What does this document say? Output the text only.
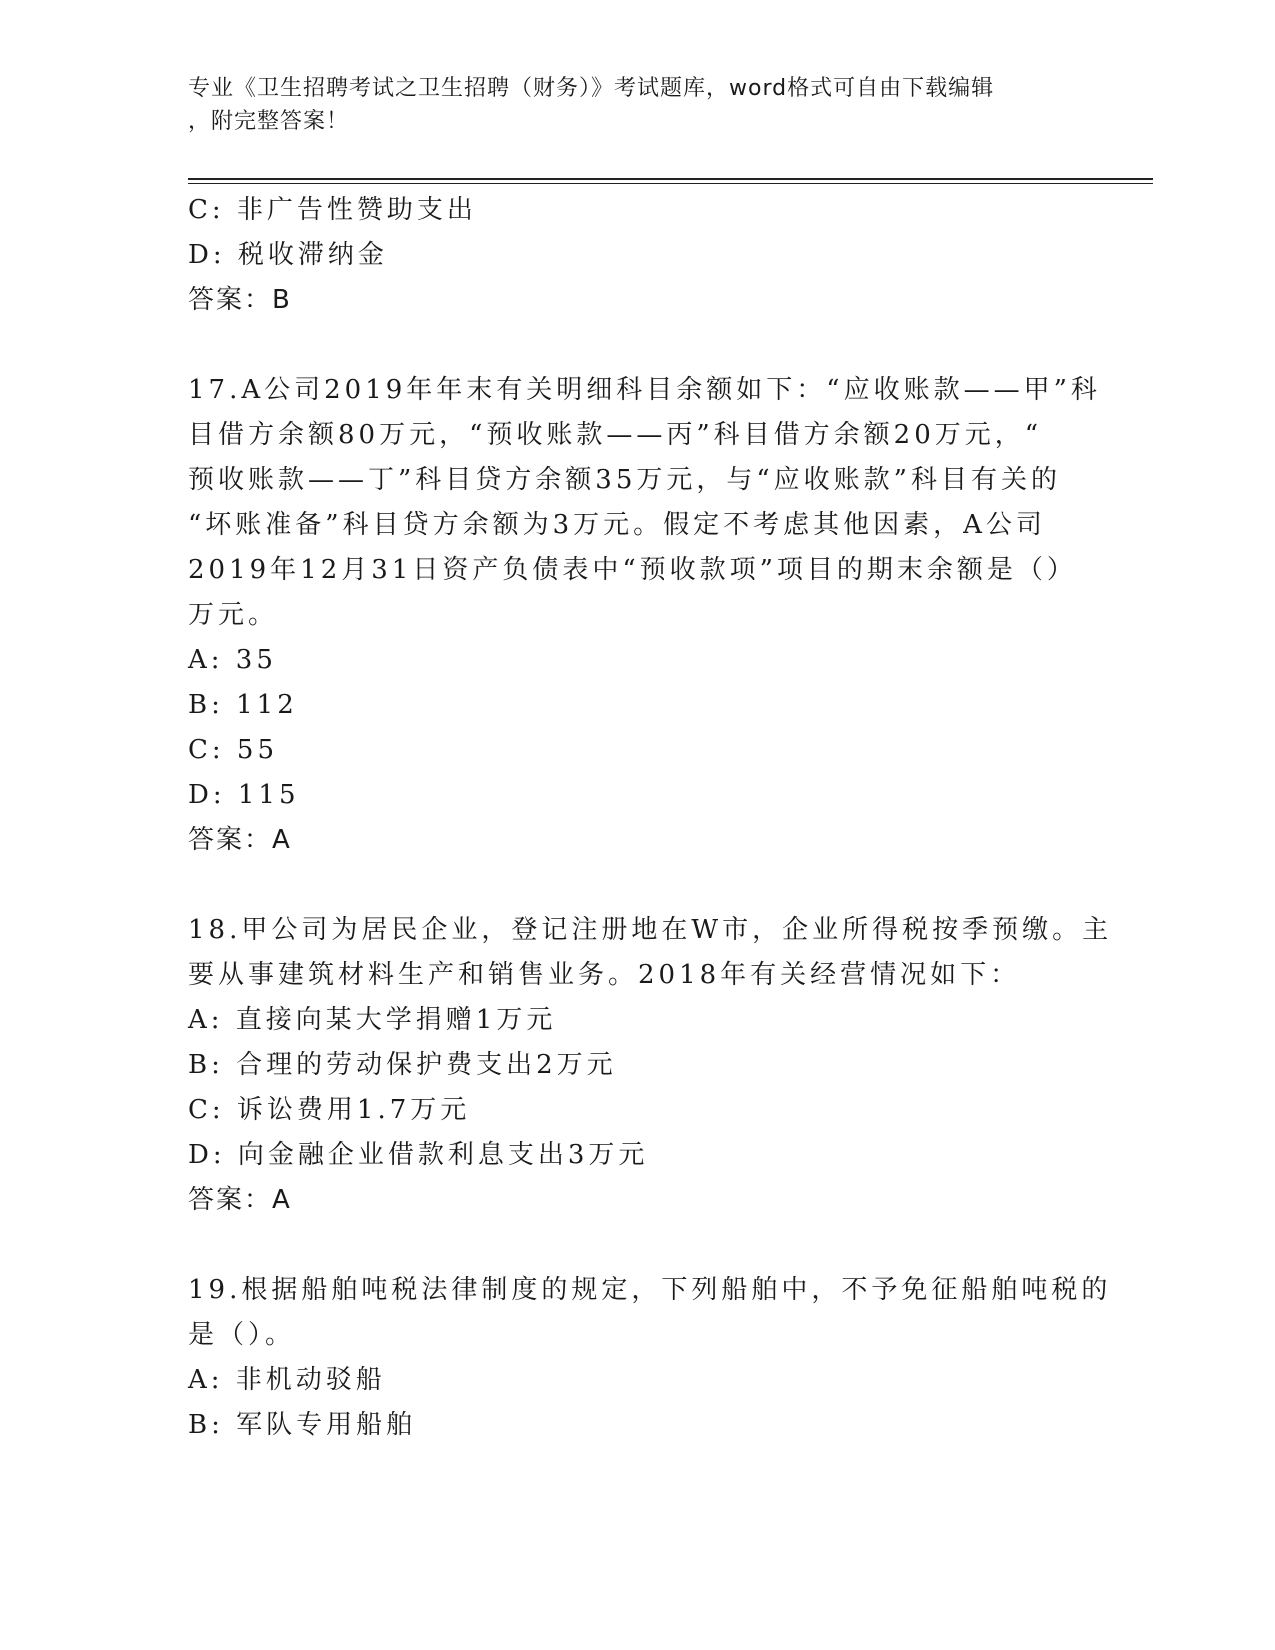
专业《卫生招聘考试之卫生招聘（财务）》考试题库，word格式可自由下载编辑
，附完整答案！
C: 非广告性赞助支出
D: 税收滞纳金
答案：B
17.A公司2019年年末有关明细科目余额如下：“应收账款——甲”科
目借方余额80万元，“预收账款——丙”科目借方余额20万元，“
预收账款——丁”科目贷方余额35万元，与“应收账款”科目有关的
“坏账准备”科目贷方余额为3万元。假定不考虑其他因素，A公司
2019年12月31日资产负债表中“预收款项”项目的期末余额是（）
万元。
A: 35
B: 112
C: 55
D: 115
答案：A
18.甲公司为居民企业，登记注册地在W市，企业所得税按季预缴。主
要从事建筑材料生产和销售业务。2018年有关经营情况如下：
A: 直接向某大学捐赠1万元
B: 合理的劳动保护费支出2万元
C: 诉讼费用1.7万元
D: 向金融企业借款利息支出3万元
答案：A
19.根据船舶吨税法律制度的规定，下列船舶中，不予免征船舶吨税的
是（）。
A: 非机动驳船
B: 军队专用船舶
